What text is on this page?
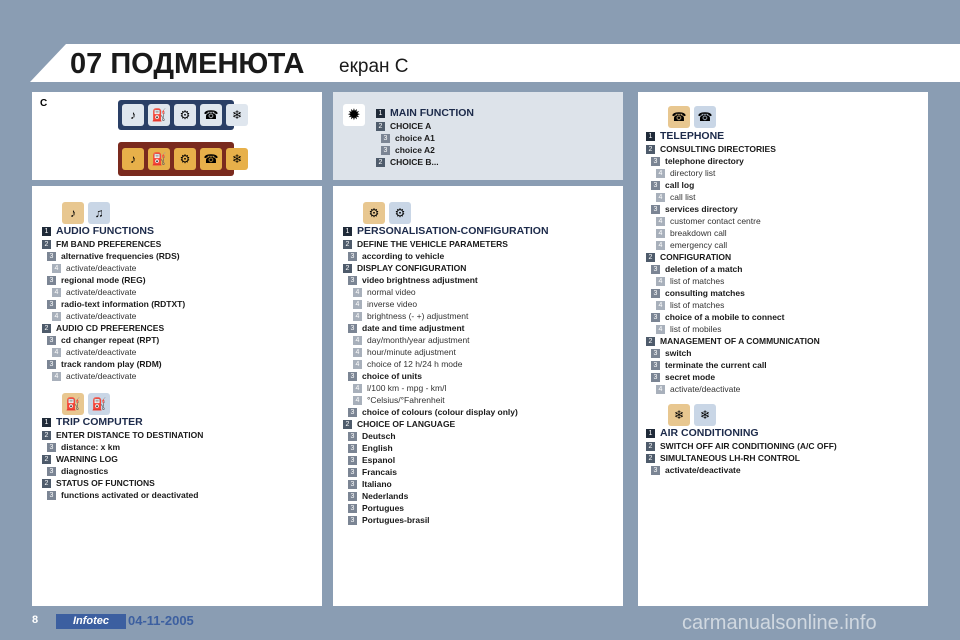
07 ПОДМЕНЮТА екран C
C
♪	⛽	⚙	☎	❄
♪	⛽	⚙	☎	❄
✹
♪	♫
⛽ ⛽
⚙	⚙
☎ ☎
❄	❄
1 MAIN FUNCTION
2 CHOICE A
3 choice A1
3 choice A2
2 CHOICE B...
1 AUDIO FUNCTIONS
2 FM BAND PREFERENCES
3 alternative frequencies (RDS)
4 activate/deactivate
3 regional mode (REG)
4 activate/deactivate
3 radio-text information (RDTXT)
4 activate/deactivate
2 AUDIO CD PREFERENCES
3 cd changer repeat (RPT)
4 activate/deactivate
3 track random play (RDM)
4 activate/deactivate
1 TRIP COMPUTER
2 ENTER DISTANCE TO DESTINATION
3 distance: x km
2 WARNING LOG
3 diagnostics
2 STATUS OF FUNCTIONS
3 functions activated or deactivated
1 PERSONALISATION-CONFIGURATION
2 DEFINE THE VEHICLE PARAMETERS
3 according to vehicle
2 DISPLAY CONFIGURATION
3 video brightness adjustment
4 normal video
4 inverse video
4 brightness (- +) adjustment
3 date and time adjustment
4 day/month/year adjustment
4 hour/minute adjustment
4 choice of 12 h/24 h mode
3 choice of units
4 l/100 km - mpg - km/l
4 °Celsius/°Fahrenheit
3 choice of colours (colour display only)
2 CHOICE OF LANGUAGE
3 Deutsch
3 English
3 Espanol
3 Francais
3 Italiano
3 Nederlands
3 Portugues
3 Portugues-brasil
1 TELEPHONE
2 CONSULTING DIRECTORIES
3 telephone directory
4 directory list
3 call log
4 call list
3 services directory
4 customer contact centre
4 breakdown call
4 emergency call
2 CONFIGURATION
3 deletion of a match
4 list of matches
3 consulting matches
4 list of matches
3 choice of a mobile to connect
4 list of mobiles
2 MANAGEMENT OF A COMMUNICATION
3 switch
3 terminate the current call
3 secret mode
4 activate/deactivate
1 AIR CONDITIONING
2 SWITCH OFF AIR CONDITIONING (A/C OFF)
2 SIMULTANEOUS LH-RH CONTROL
3 activate/deactivate
8	Infotec	04-11-2005	carmanualsonline.info
